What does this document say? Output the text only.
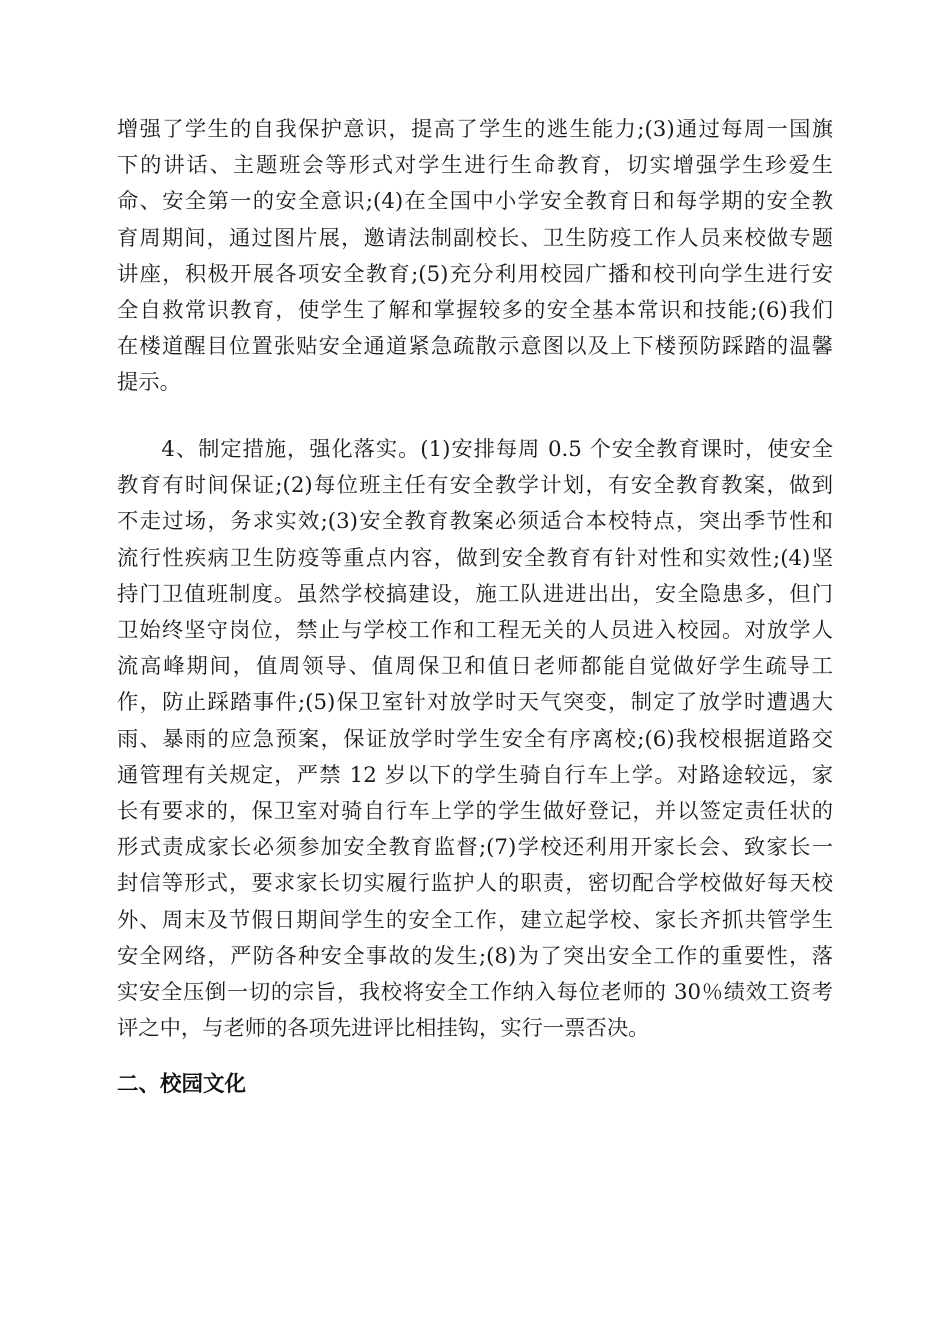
增强了学生的自我保护意识，提高了学生的逃生能力;(3)通过每周一国旗
下的讲话、主题班会等形式对学生进行生命教育，切实增强学生珍爱生
命、安全第一的安全意识;(4)在全国中小学安全教育日和每学期的安全教
育周期间，通过图片展，邀请法制副校长、卫生防疫工作人员来校做专题
讲座，积极开展各项安全教育;(5)充分利用校园广播和校刊向学生进行安
全自救常识教育，使学生了解和掌握较多的安全基本常识和技能;(6)我们
在楼道醒目位置张贴安全通道紧急疏散示意图以及上下楼预防踩踏的温馨
提示。

　　4、制定措施，强化落实。(1)安排每周 0.5 个安全教育课时，使安全
教育有时间保证;(2)每位班主任有安全教学计划，有安全教育教案，做到
不走过场，务求实效;(3)安全教育教案必须适合本校特点，突出季节性和
流行性疾病卫生防疫等重点内容，做到安全教育有针对性和实效性;(4)坚
持门卫值班制度。虽然学校搞建设，施工队进进出出，安全隐患多，但门
卫始终坚守岗位，禁止与学校工作和工程无关的人员进入校园。对放学人
流高峰期间，值周领导、值周保卫和值日老师都能自觉做好学生疏导工
作，防止踩踏事件;(5)保卫室针对放学时天气突变，制定了放学时遭遇大
雨、暴雨的应急预案，保证放学时学生安全有序离校;(6)我校根据道路交
通管理有关规定，严禁 12 岁以下的学生骑自行车上学。对路途较远，家
长有要求的，保卫室对骑自行车上学的学生做好登记，并以签定责任状的
形式责成家长必须参加安全教育监督;(7)学校还利用开家长会、致家长一
封信等形式，要求家长切实履行监护人的职责，密切配合学校做好每天校
外、周末及节假日期间学生的安全工作，建立起学校、家长齐抓共管学生
安全网络，严防各种安全事故的发生;(8)为了突出安全工作的重要性，落
实安全压倒一切的宗旨，我校将安全工作纳入每位老师的 30％绩效工资考
评之中，与老师的各项先进评比相挂钩，实行一票否决。

二、校园文化
